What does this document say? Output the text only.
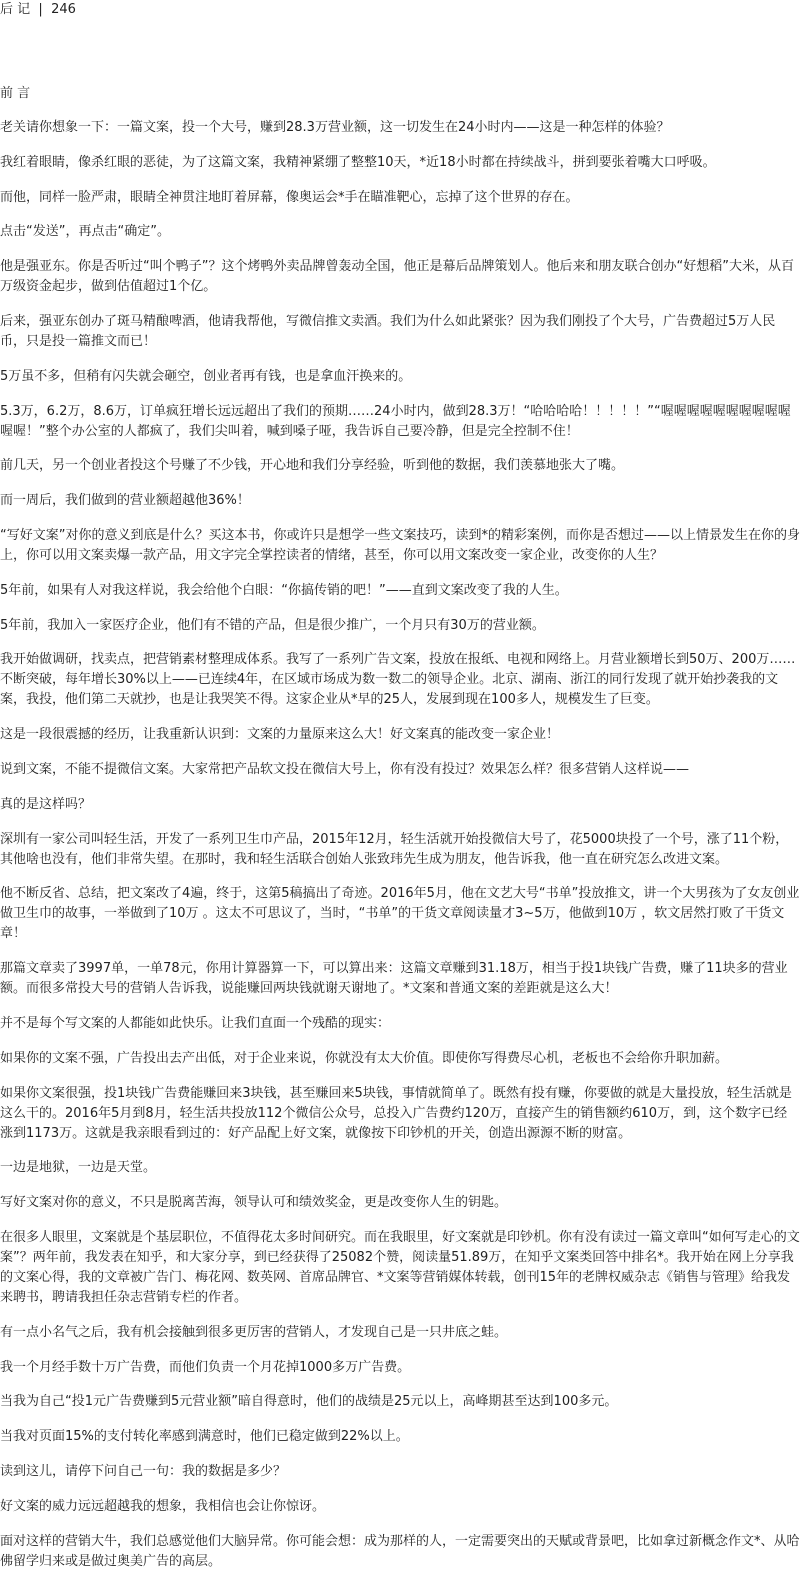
后 记 | 246
前 言

老关请你想象一下：一篇文案，投一个大号，赚到28.3万营业额，这一切发生在24小时内——这是一种怎样的体验？

我红着眼睛，像杀红眼的恶徒，为了这篇文案，我精神紧绷了整整10天，*近18小时都在持续战斗，拼到要张着嘴大口呼吸。

而他，同样一脸严肃，眼睛全神贯注地盯着屏幕，像奥运会*手在瞄准靶心，忘掉了这个世界的存在。

点击“发送”，再点击“确定”。

他是强亚东。你是否听过“叫个鸭子”？这个烤鸭外卖品牌曾轰动全国，他正是幕后品牌策划人。他后来和朋友联合创办“好想稻”大米，从百万级资金起步，做到估值超过1个亿。

后来，强亚东创办了斑马精酿啤酒，他请我帮他，写微信推文卖酒。我们为什么如此紧张？因为我们刚投了个大号，广告费超过5万人民币，只是投一篇推文而已！

5万虽不多，但稍有闪失就会砸空，创业者再有钱，也是拿血汗换来的。

5.3万，6.2万，8.6万，订单疯狂增长远远超出了我们的预期……24小时内，做到28.3万！“哈哈哈哈！！！！！”“喔喔喔喔喔喔喔喔喔喔喔喔！”整个办公室的人都疯了，我们尖叫着，喊到嗓子哑，我告诉自己要冷静，但是完全控制不住！

前几天，另一个创业者投这个号赚了不少钱，开心地和我们分享经验，听到他的数据，我们羡慕地张大了嘴。

而一周后，我们做到的营业额超越他36%！

“写好文案”对你的意义到底是什么？买这本书，你或许只是想学一些文案技巧，读到*的精彩案例，而你是否想过——以上情景发生在你的身上，你可以用文案卖爆一款产品，用文字完全掌控读者的情绪，甚至，你可以用文案改变一家企业，改变你的人生？

5年前，如果有人对我这样说，我会给他个白眼：“你搞传销的吧！”——直到文案改变了我的人生。

5年前，我加入一家医疗企业，他们有不错的产品，但是很少推广，一个月只有30万的营业额。

我开始做调研，找卖点，把营销素材整理成体系。我写了一系列广告文案，投放在报纸、电视和网络上。月营业额增长到50万、200万……不断突破，每年增长30%以上——已连续4年，在区域市场成为数一数二的领导企业。北京、湖南、浙江的同行发现了就开始抄袭我的文案，我投，他们第二天就抄，也是让我哭笑不得。这家企业从*早的25人，发展到现在100多人，规模发生了巨变。

这是一段很震撼的经历，让我重新认识到：文案的力量原来这么大！好文案真的能改变一家企业！

说到文案，不能不提微信文案。大家常把产品软文投在微信大号上，你有没有投过？效果怎么样？很多营销人这样说——

真的是这样吗？

深圳有一家公司叫轻生活，开发了一系列卫生巾产品，2015年12月，轻生活就开始投微信大号了，花5000块投了一个号，涨了11个粉，其他啥也没有，他们非常失望。在那时，我和轻生活联合创始人张致玮先生成为朋友，他告诉我，他一直在研究怎么改进文案。

他不断反省、总结，把文案改了4遍，终于，这第5稿搞出了奇迹。2016年5月，他在文艺大号“书单”投放推文，讲一个大男孩为了女友创业做卫生巾的故事，一举做到了10万 。这太不可思议了，当时，“书单”的干货文章阅读量才3~5万，他做到10万 ，软文居然打败了干货文章！

那篇文章卖了3997单，一单78元，你用计算器算一下，可以算出来：这篇文章赚到31.18万，相当于投1块钱广告费，赚了11块多的营业额。而很多常投大号的营销人告诉我，说能赚回两块钱就谢天谢地了。*文案和普通文案的差距就是这么大！

并不是每个写文案的人都能如此快乐。让我们直面一个残酷的现实：

如果你的文案不强，广告投出去产出低，对于企业来说，你就没有太大价值。即使你写得费尽心机，老板也不会给你升职加薪。

如果你文案很强，投1块钱广告费能赚回来3块钱，甚至赚回来5块钱，事情就简单了。既然有投有赚，你要做的就是大量投放，轻生活就是这么干的。2016年5月到8月，轻生活共投放112个微信公众号，总投入广告费约120万，直接产生的销售额约610万，到，这个数字已经涨到1173万。这就是我亲眼看到过的：好产品配上好文案，就像按下印钞机的开关，创造出源源不断的财富。

一边是地狱，一边是天堂。

写好文案对你的意义，不只是脱离苦海，领导认可和绩效奖金，更是改变你人生的钥匙。

在很多人眼里，文案就是个基层职位，不值得花太多时间研究。而在我眼里，好文案就是印钞机。你有没有读过一篇文章叫“如何写走心的文案”？两年前，我发表在知乎，和大家分享，到已经获得了25082个赞，阅读量51.89万，在知乎文案类回答中排名*。我开始在网上分享我的文案心得，我的文章被广告门、梅花网、数英网、首席品牌官、*文案等营销媒体转载，创刊15年的老牌权威杂志《销售与管理》给我发来聘书，聘请我担任杂志营销专栏的作者。

有一点小名气之后，我有机会接触到很多更厉害的营销人，才发现自己是一只井底之蛙。

我一个月经手数十万广告费，而他们负责一个月花掉1000多万广告费。

当我为自己“投1元广告费赚到5元营业额”暗自得意时，他们的战绩是25元以上，高峰期甚至达到100多元。

当我对页面15%的支付转化率感到满意时，他们已稳定做到22%以上。

读到这儿，请停下问自己一句：我的数据是多少？

好文案的威力远远超越我的想象，我相信也会让你惊讶。

面对这样的营销大牛，我们总感觉他们大脑异常。你可能会想：成为那样的人，一定需要突出的天赋或背景吧，比如拿过新概念作文*、从哈佛留学归来或是做过奥美广告的高层。
